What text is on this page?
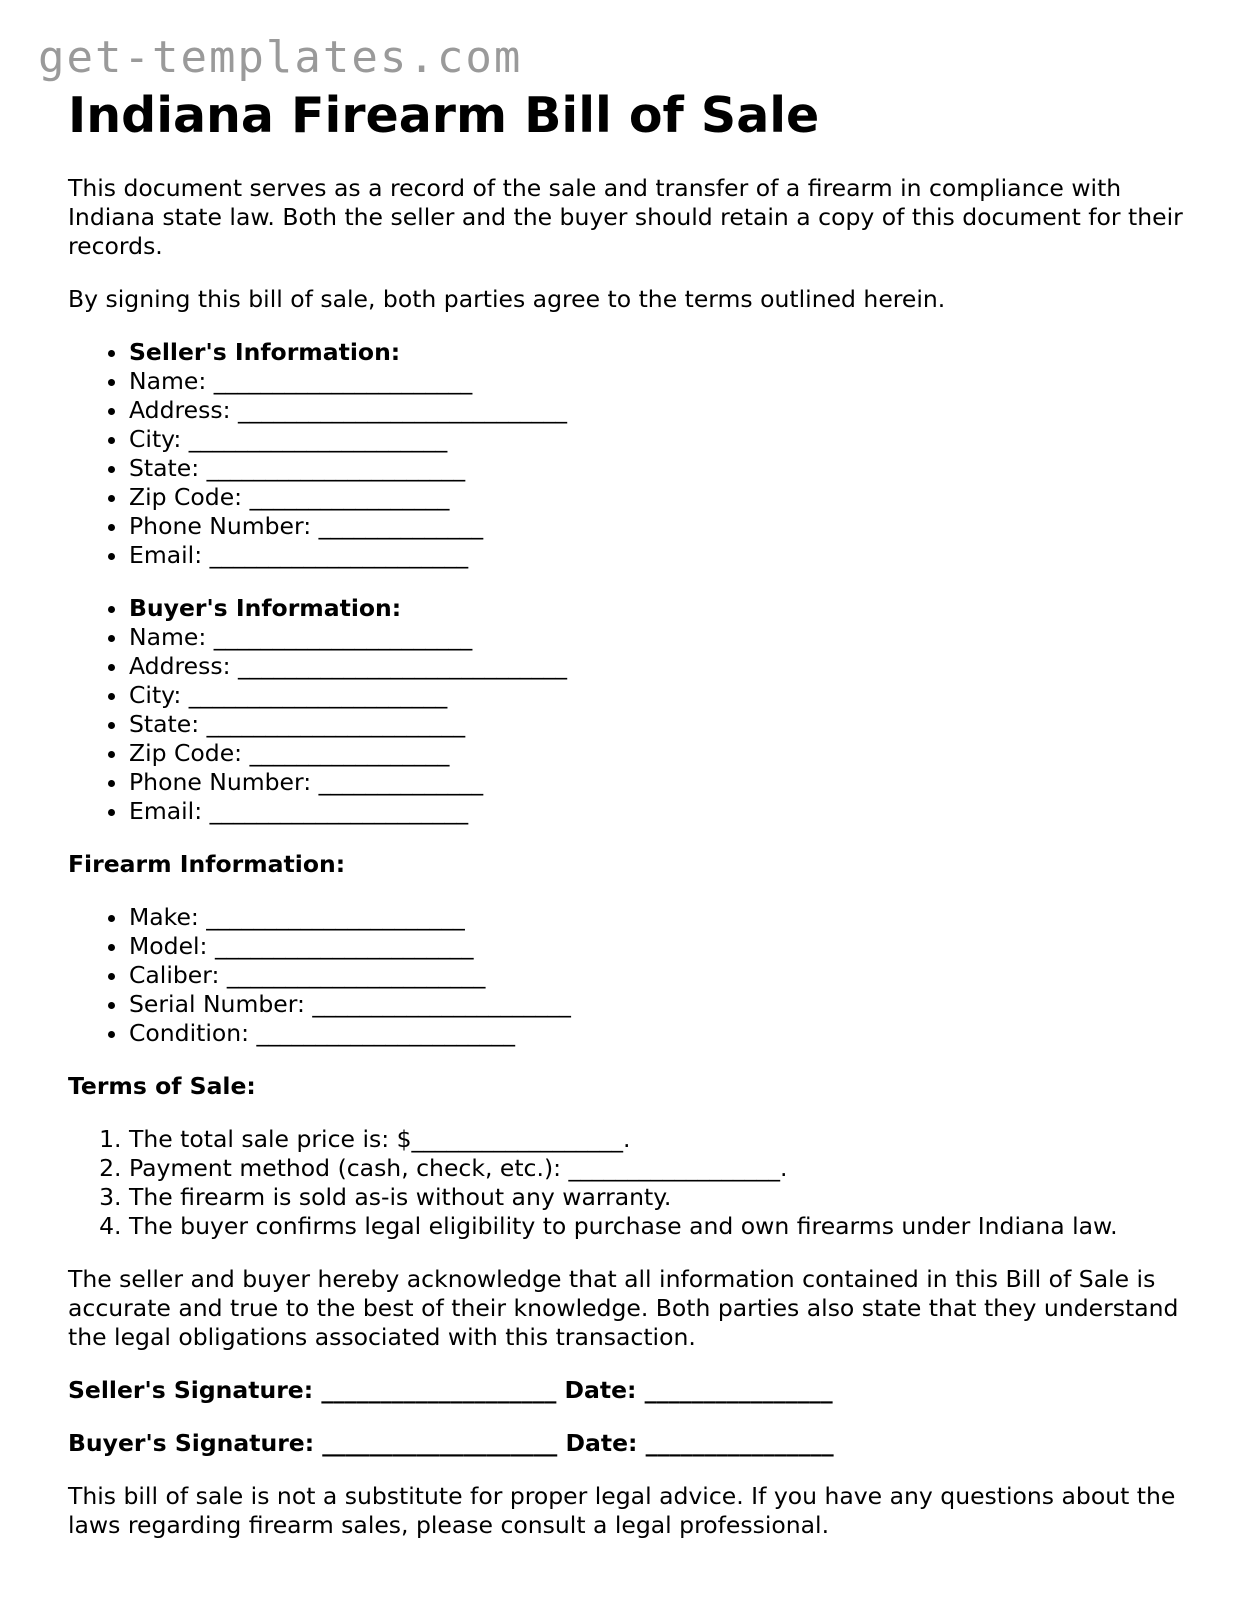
get-templates.com
Indiana Firearm Bill of Sale

This document serves as a record of the sale and transfer of a firearm in compliance with Indiana state law. Both the seller and the buyer should retain a copy of this document for their records.

By signing this bill of sale, both parties agree to the terms outlined herein.

• Seller's Information:
• Name: ______________________
• Address: ____________________________
• City: ______________________
• State: ______________________
• Zip Code: _________________
• Phone Number: ______________
• Email: ______________________
• Buyer's Information:
• Name: ______________________
• Address: ____________________________
• City: ______________________
• State: ______________________
• Zip Code: _________________
• Phone Number: ______________
• Email: ______________________
Firearm Information:
• Make: ______________________
• Model: ______________________
• Caliber: ______________________
• Serial Number: ______________________
• Condition: ______________________
Terms of Sale:
1. The total sale price is: $__________________.
2. Payment method (cash, check, etc.): __________________.
3. The firearm is sold as-is without any warranty.
4. The buyer confirms legal eligibility to purchase and own firearms under Indiana law.

The seller and buyer hereby acknowledge that all information contained in this Bill of Sale is accurate and true to the best of their knowledge. Both parties also state that they understand the legal obligations associated with this transaction.

Seller's Signature: ____________________ Date: ________________
Buyer's Signature: ____________________ Date: ________________

This bill of sale is not a substitute for proper legal advice. If you have any questions about the laws regarding firearm sales, please consult a legal professional.
